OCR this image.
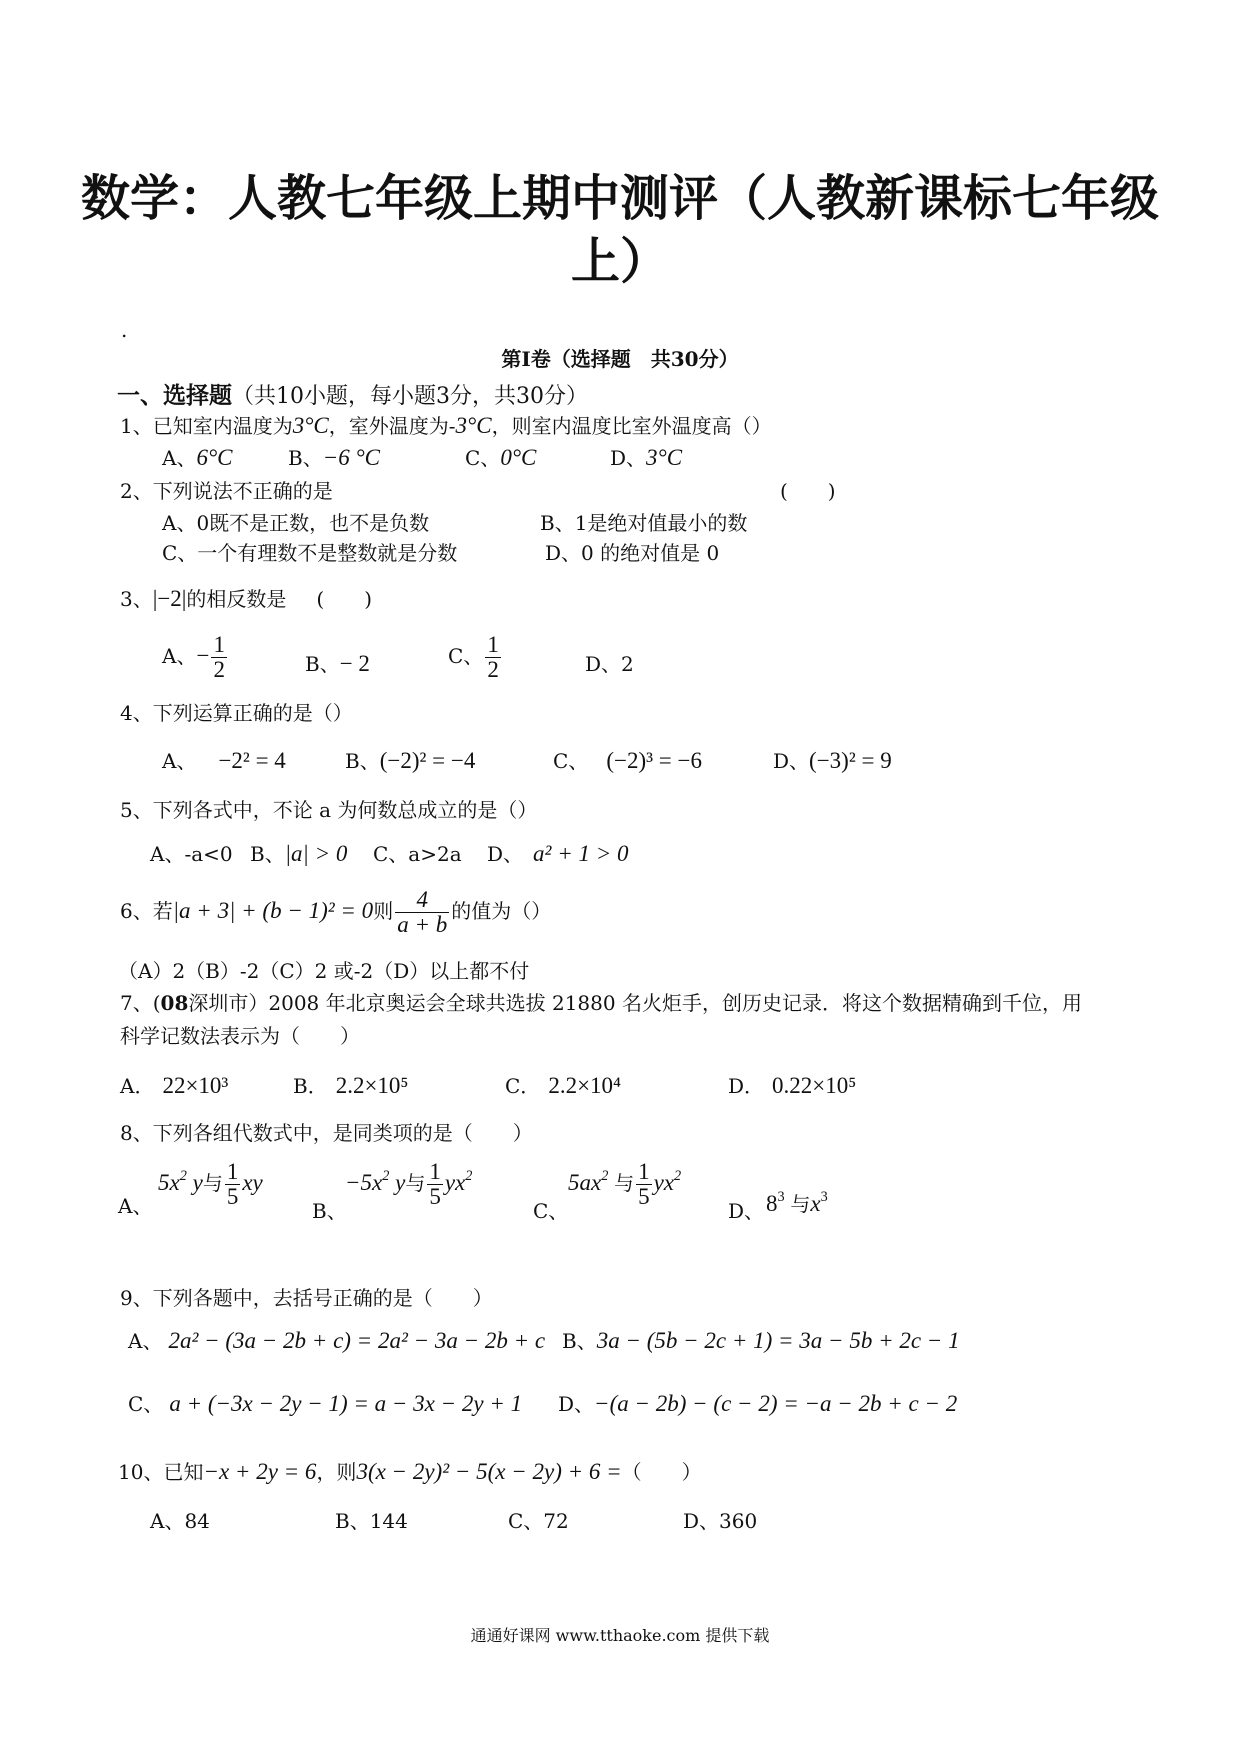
数学：人教七年级上期中测评（人教新课标七年级
上）
.
第Ⅰ卷（选择题　共30分）
一、选择题（共10小题，每小题3分，共30分）
1、已知室内温度为3°C，室外温度为-3°C，则室内温度比室外温度高（）
A、6°C	B、−6 °C	C、0°C	D、3°C
2、下列说法不正确的是	(　　)
A、0既不是正数，也不是负数	B、1是绝对值最小的数
C、一个有理数不是整数就是分数	D、0 的绝对值是 0
3、|−2|的相反数是 (　　)
A、− $\frac{1}{2}$	B、− 2	C、 $\frac{1}{2}$	D、2
4、下列运算正确的是（）
A、 −2² = 4	B、(−2)² = −4	C、 (−2)³ = −6	D、(−3)² = 9
5、下列各式中，不论 a 为何数总成立的是（）
A、-a<0 B、|a| > 0 C、a>2a D、 a² + 1 > 0
6、若|a + 3| + (b − 1)² = 0则 $\frac{4}{a + b}$ 的值为（）
（A）2（B）-2（C）2 或-2（D）以上都不付
7、(08深圳市）2008 年北京奥运会全球共选拔 21880 名火炬手，创历史记录．将这个数据精确到千位，用
科学记数法表示为（　　）
A． 22×10³	B． 2.2×10⁵	C． 2.2×10⁴	D． 0.22×10⁵
8、下列各组代数式中，是同类项的是（　　）
A、
$5x^2$ y与 $\frac{1}{5}$ xy
B、
$-5x^2$ y与 $\frac{1}{5} yx^2$
C、
$5ax^2$ 与 $\frac{1}{5} yx^2$
D、 $8^3$ 与$x^3$
9、下列各题中，去括号正确的是（　　）
A、 2a² − (3a − 2b + c) = 2a² − 3a − 2b + c B、3a − (5b − 2c + 1) = 3a − 5b + 2c − 1
C、 a + (−3x − 2y − 1) = a − 3x − 2y + 1 D、−(a − 2b) − (c − 2) = −a − 2b + c − 2
10、已知−x + 2y = 6，则3(x − 2y)² − 5(x − 2y) + 6 =（　　）
A、84	B、144	C、72	D、360
通通好课网 www.tthaoke.com 提供下载
